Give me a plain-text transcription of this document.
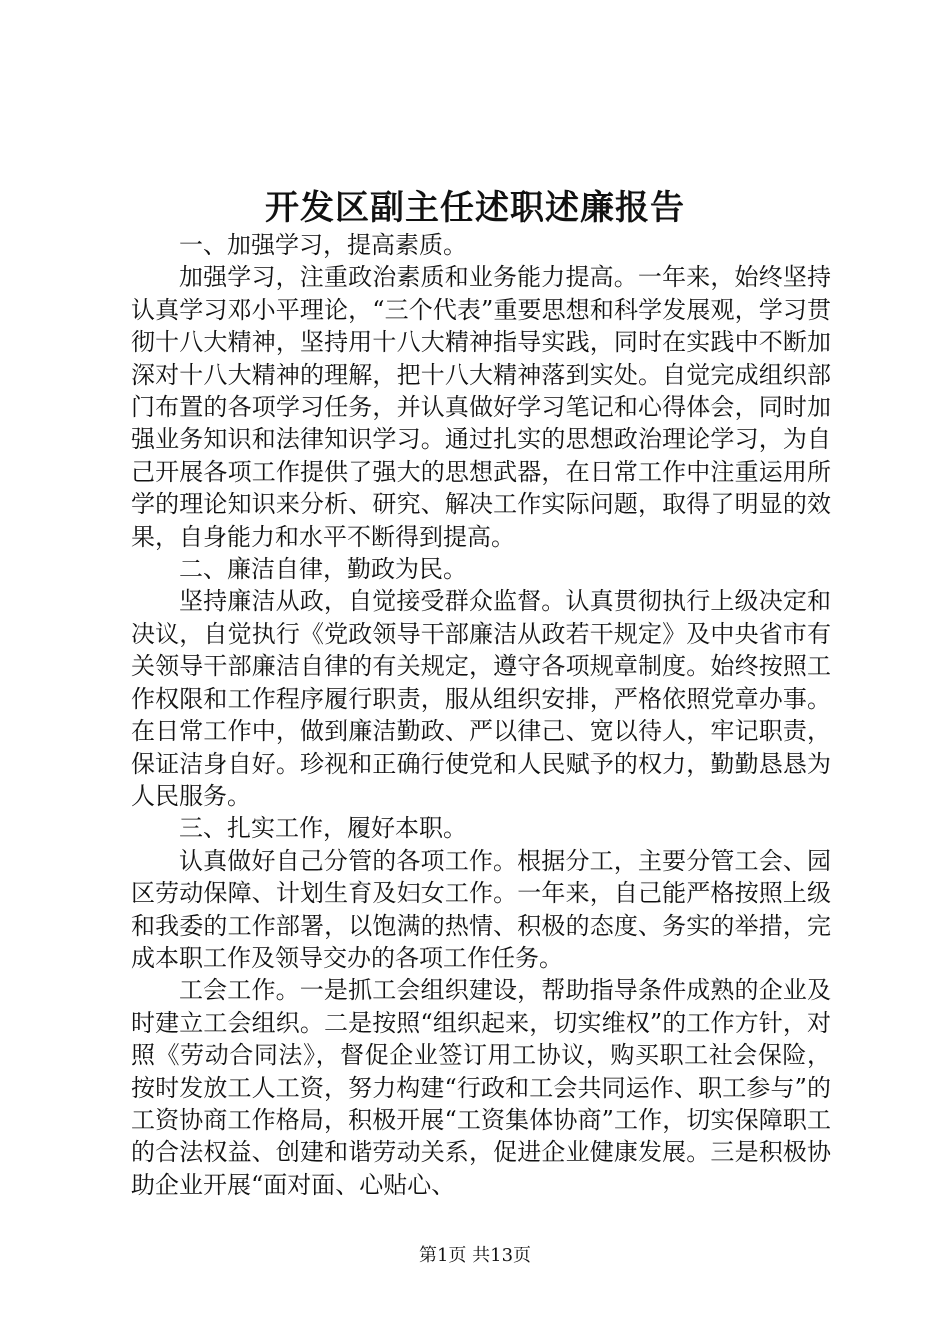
开发区副主任述职述廉报告

一、加强学习，提高素质。

加强学习，注重政治素质和业务能力提高。一年来，始终坚持认真学习邓小平理论，“三个代表”重要思想和科学发展观，学习贯彻十八大精神，坚持用十八大精神指导实践，同时在实践中不断加深对十八大精神的理解，把十八大精神落到实处。自觉完成组织部门布置的各项学习任务，并认真做好学习笔记和心得体会，同时加强业务知识和法律知识学习。通过扎实的思想政治理论学习，为自己开展各项工作提供了强大的思想武器，在日常工作中注重运用所学的理论知识来分析、研究、解决工作实际问题，取得了明显的效果，自身能力和水平不断得到提高。

二、廉洁自律，勤政为民。

坚持廉洁从政，自觉接受群众监督。认真贯彻执行上级决定和决议，自觉执行《党政领导干部廉洁从政若干规定》及中央省市有关领导干部廉洁自律的有关规定，遵守各项规章制度。始终按照工作权限和工作程序履行职责，服从组织安排，严格依照党章办事。在日常工作中，做到廉洁勤政、严以律己、宽以待人，牢记职责，保证洁身自好。珍视和正确行使党和人民赋予的权力，勤勤恳恳为人民服务。

三、扎实工作，履好本职。

认真做好自己分管的各项工作。根据分工，主要分管工会、园区劳动保障、计划生育及妇女工作。一年来，自己能严格按照上级和我委的工作部署，以饱满的热情、积极的态度、务实的举措，完成本职工作及领导交办的各项工作任务。

工会工作。一是抓工会组织建设，帮助指导条件成熟的企业及时建立工会组织。二是按照“组织起来，切实维权”的工作方针，对照《劳动合同法》，督促企业签订用工协议，购买职工社会保险，按时发放工人工资，努力构建“行政和工会共同运作、职工参与”的工资协商工作格局，积极开展“工资集体协商”工作，切实保障职工的合法权益、创建和谐劳动关系，促进企业健康发展。三是积极协助企业开展“面对面、心贴心、

第1页 共13页
